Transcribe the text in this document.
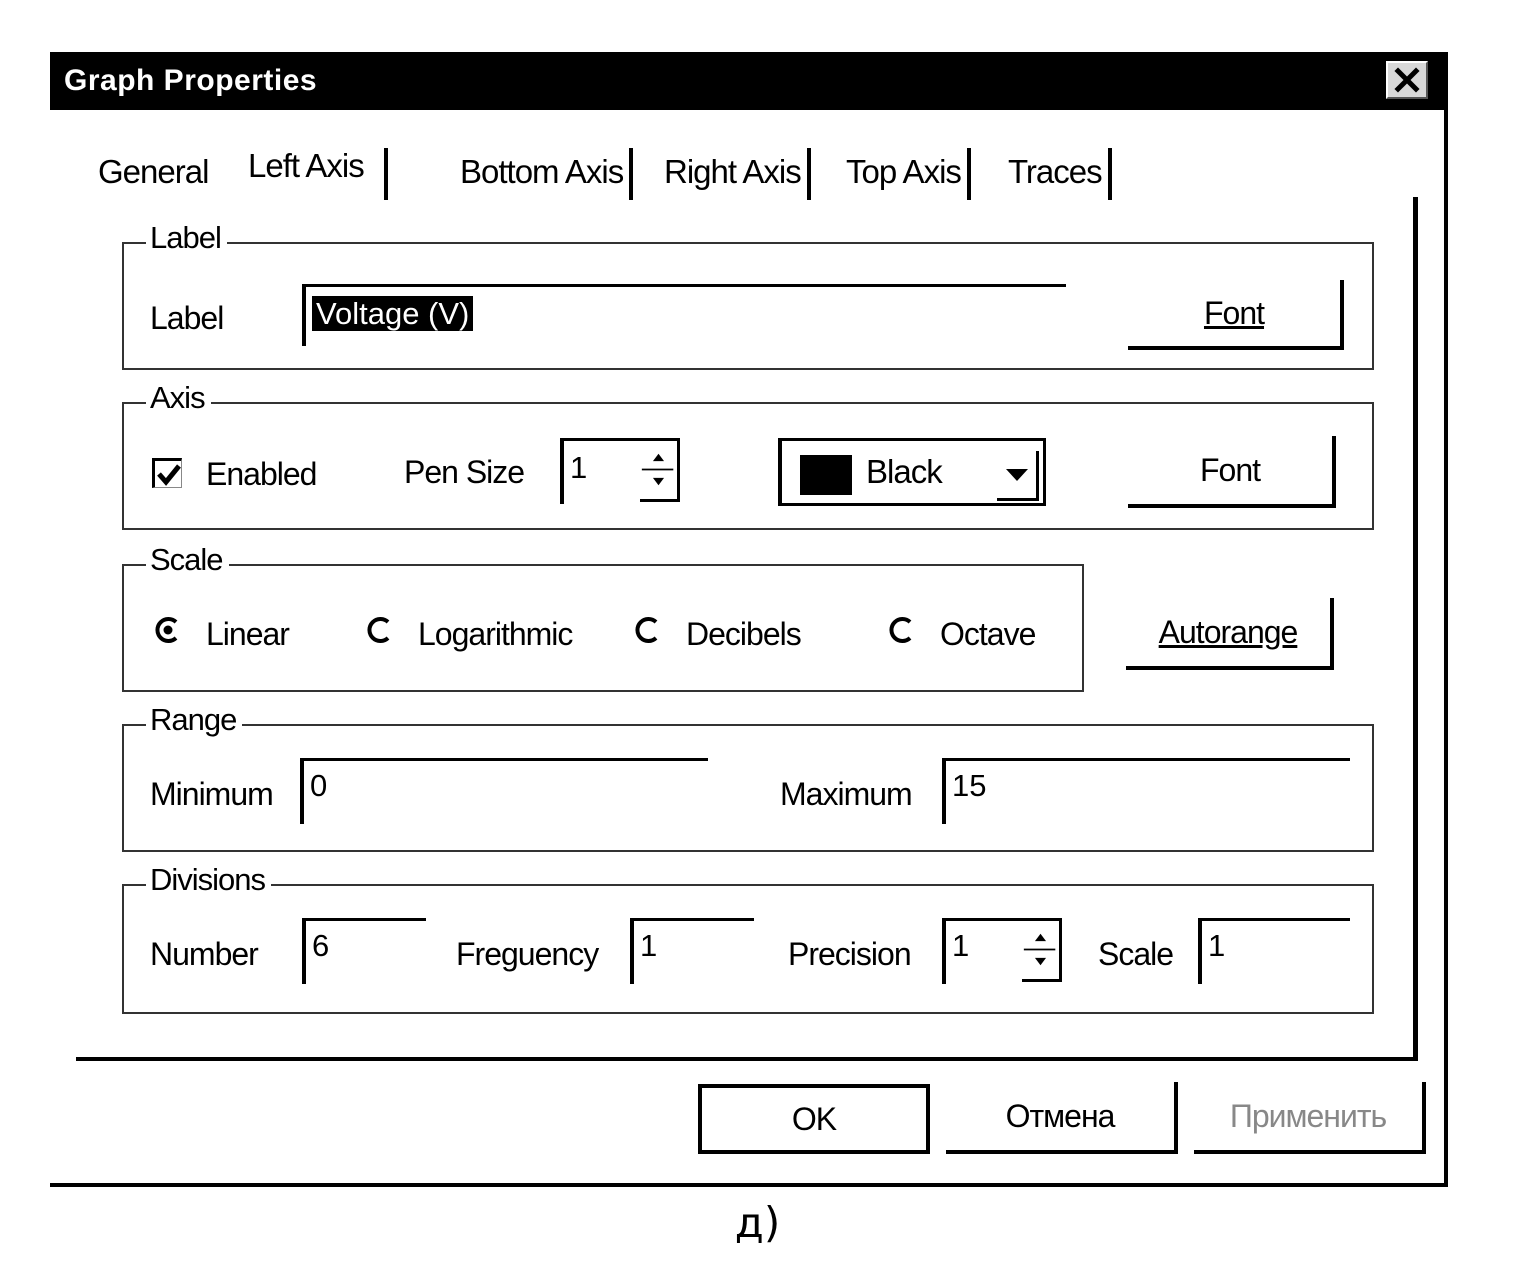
Graph Properties
General Left Axis	Bottom Axis Right Axis Top Axis Traces
Label
Label	Voltage (V)	Font
Axis
Enabled	Pen Size	1	Black	Font
Scale
Linear	Logarithmic	Decibels	Octave	Autorange
Range
Minimum	0	Maximum	15
Divisions
Number	6	Freguency	1	Precision	1	Scale	1
OK	Отмена	Применить
д)
